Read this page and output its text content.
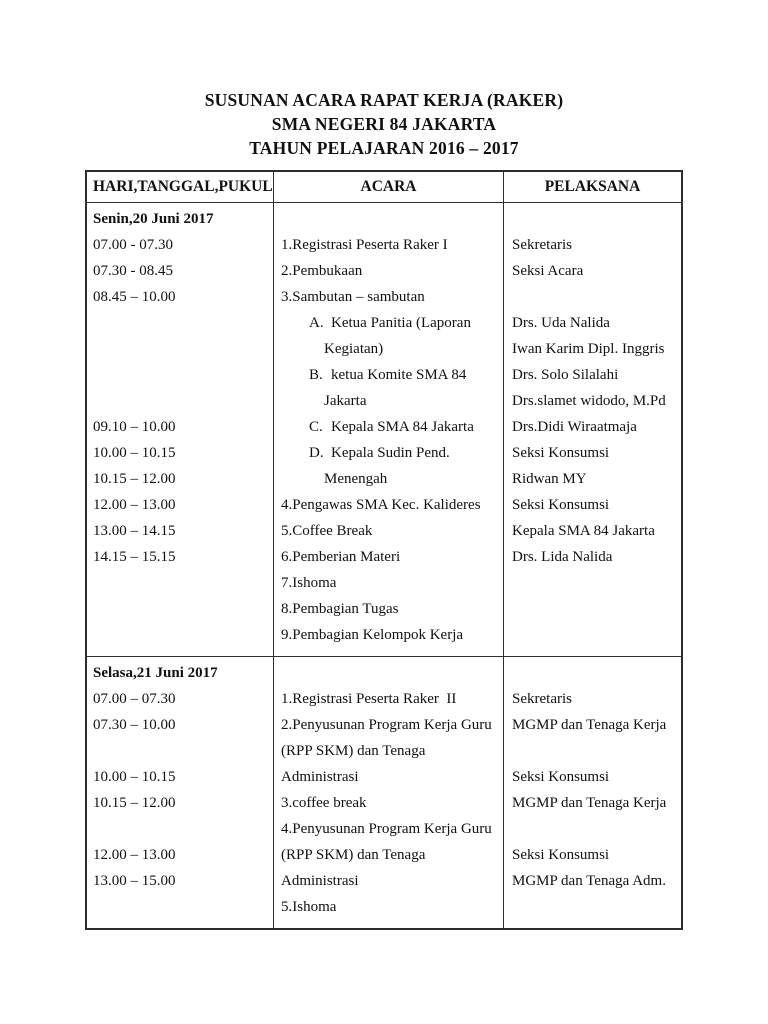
SUSUNAN ACARA RAPAT KERJA (RAKER)
SMA NEGERI 84 JAKARTA
TAHUN PELAJARAN 2016 – 2017
HARI,TANGGAL,PUKUL	ACARA	PELAKSANA
Senin,20 Juni 2017
07.00 - 07.30
07.30 - 08.45
08.45 – 10.00
09.10 – 10.00
10.00 – 10.15
10.15 – 12.00
12.00 – 13.00
13.00 – 14.15
14.15 – 15.15
1.Registrasi Peserta Raker I
2.Pembukaan
3.Sambutan – sambutan
A. Ketua Panitia (Laporan
Kegiatan)
B. ketua Komite SMA 84
Jakarta
C. Kepala SMA 84 Jakarta
D. Kepala Sudin Pend.
Menengah
4.Pengawas SMA Kec. Kalideres
5.Coffee Break
6.Pemberian Materi
7.Ishoma
8.Pembagian Tugas
9.Pembagian Kelompok Kerja
Sekretaris
Seksi Acara
Drs. Uda Nalida
Iwan Karim Dipl. Inggris
Drs. Solo Silalahi
Drs.slamet widodo, M.Pd
Drs.Didi Wiraatmaja
Seksi Konsumsi
Ridwan MY
Seksi Konsumsi
Kepala SMA 84 Jakarta
Drs. Lida Nalida
Selasa,21 Juni 2017
07.00 – 07.30
07.30 – 10.00
10.00 – 10.15
10.15 – 12.00
12.00 – 13.00
13.00 – 15.00
1.Registrasi Peserta Raker  II
2.Penyusunan Program Kerja Guru
(RPP SKM) dan Tenaga
Administrasi
3.coffee break
4.Penyusunan Program Kerja Guru
(RPP SKM) dan Tenaga
Administrasi
5.Ishoma
Sekretaris
MGMP dan Tenaga Kerja
Seksi Konsumsi
MGMP dan Tenaga Kerja
Seksi Konsumsi
MGMP dan Tenaga Adm.
